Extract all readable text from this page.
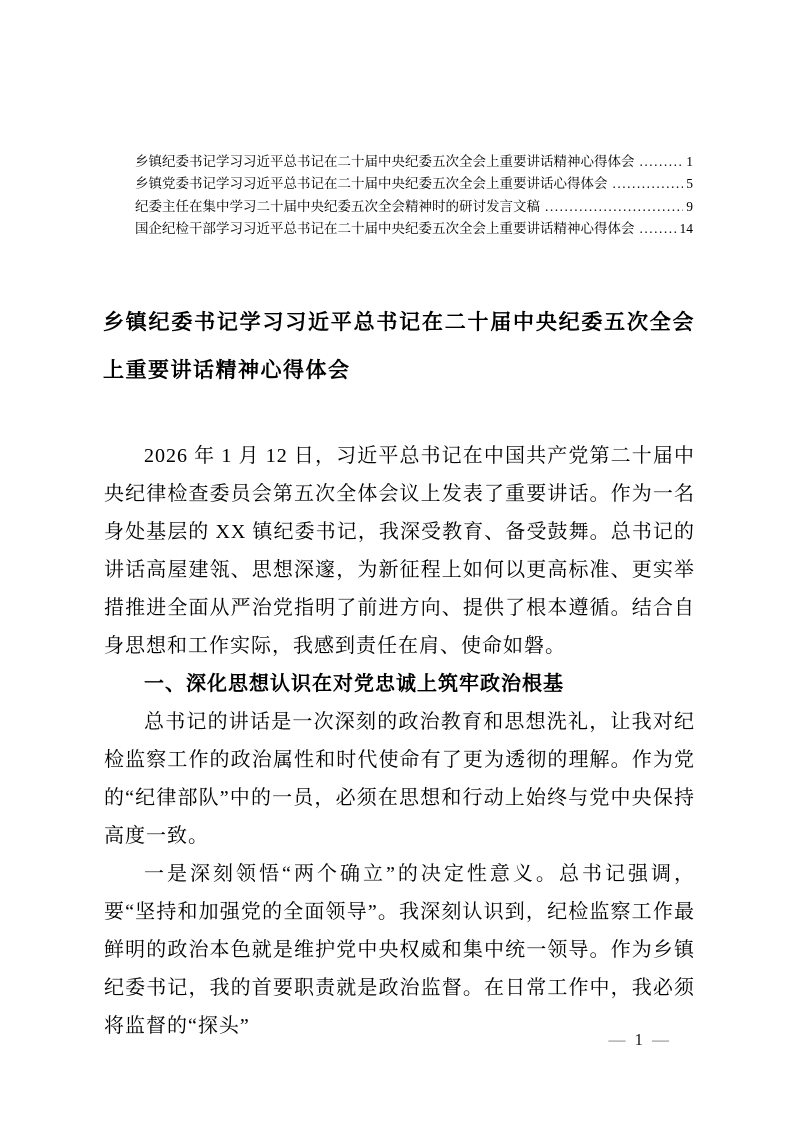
乡镇纪委书记学习习近平总书记在二十届中央纪委五次全会上重要讲话精神心得体会 .....	1
乡镇党委书记学习习近平总书记在二十届中央纪委五次全会上重要讲话心得体会 .....	5
纪委主任在集中学习二十届中央纪委五次全会精神时的研讨发言文稿 .....	9
国企纪检干部学习习近平总书记在二十届中央纪委五次全会上重要讲话精神心得体会 .....	14
乡镇纪委书记学习习近平总书记在二十届中央纪委五次全会上重要讲话精神心得体会

2026 年 1 月 12 日，习近平总书记在中国共产党第二十届中央纪律检查委员会第五次全体会议上发表了重要讲话。作为一名身处基层的 XX 镇纪委书记，我深受教育、备受鼓舞。总书记的讲话高屋建瓴、思想深邃，为新征程上如何以更高标准、更实举措推进全面从严治党指明了前进方向、提供了根本遵循。结合自身思想和工作实际，我感到责任在肩、使命如磐。

一、深化思想认识在对党忠诚上筑牢政治根基

总书记的讲话是一次深刻的政治教育和思想洗礼，让我对纪检监察工作的政治属性和时代使命有了更为透彻的理解。作为党的“纪律部队”中的一员，必须在思想和行动上始终与党中央保持高度一致。

一是深刻领悟“两个确立”的决定性意义。总书记强调，要“坚持和加强党的全面领导”。我深刻认识到，纪检监察工作最鲜明的政治本色就是维护党中央权威和集中统一领导。作为乡镇纪委书记，我的首要职责就是政治监督。在日常工作中，我必须将监督的“探头”

— 1 —
